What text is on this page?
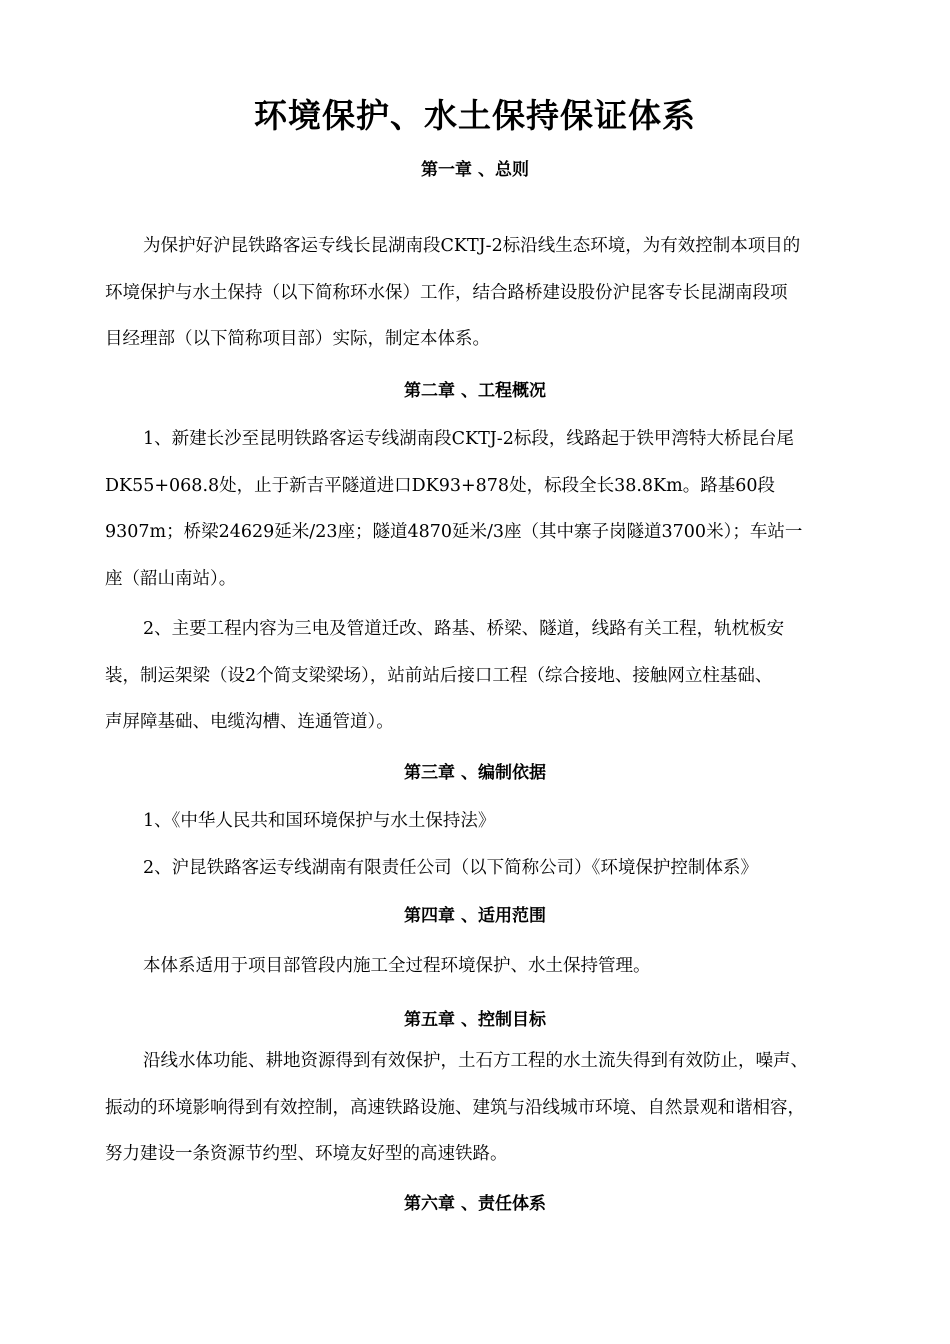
环境保护、水土保持保证体系
第一章 、总则
为保护好沪昆铁路客运专线长昆湖南段CKTJ-2标沿线生态环境，为有效控制本项目的
环境保护与水土保持（以下简称环水保）工作，结合路桥建设股份沪昆客专长昆湖南段项
目经理部（以下简称项目部）实际，制定本体系。
第二章 、工程概况
1、新建长沙至昆明铁路客运专线湖南段CKTJ-2标段，线路起于铁甲湾特大桥昆台尾
DK55+068.8处，止于新吉平隧道进口DK93+878处，标段全长38.8Km。路基60段
9307m；桥梁24629延米/23座；隧道4870延米/3座（其中寨子岗隧道3700米）；车站一
座（韶山南站）。
2、主要工程内容为三电及管道迁改、路基、桥梁、隧道，线路有关工程，轨枕板安
装，制运架梁（设2个简支梁梁场），站前站后接口工程（综合接地、接触网立柱基础、
声屏障基础、电缆沟槽、连通管道）。
第三章 、编制依据
1、《中华人民共和国环境保护与水土保持法》
2、沪昆铁路客运专线湖南有限责任公司（以下简称公司）《环境保护控制体系》
第四章 、适用范围
本体系适用于项目部管段内施工全过程环境保护、水土保持管理。
第五章 、控制目标
沿线水体功能、耕地资源得到有效保护，土石方工程的水土流失得到有效防止，噪声、
振动的环境影响得到有效控制，高速铁路设施、建筑与沿线城市环境、自然景观和谐相容，
努力建设一条资源节约型、环境友好型的高速铁路。
第六章 、责任体系
